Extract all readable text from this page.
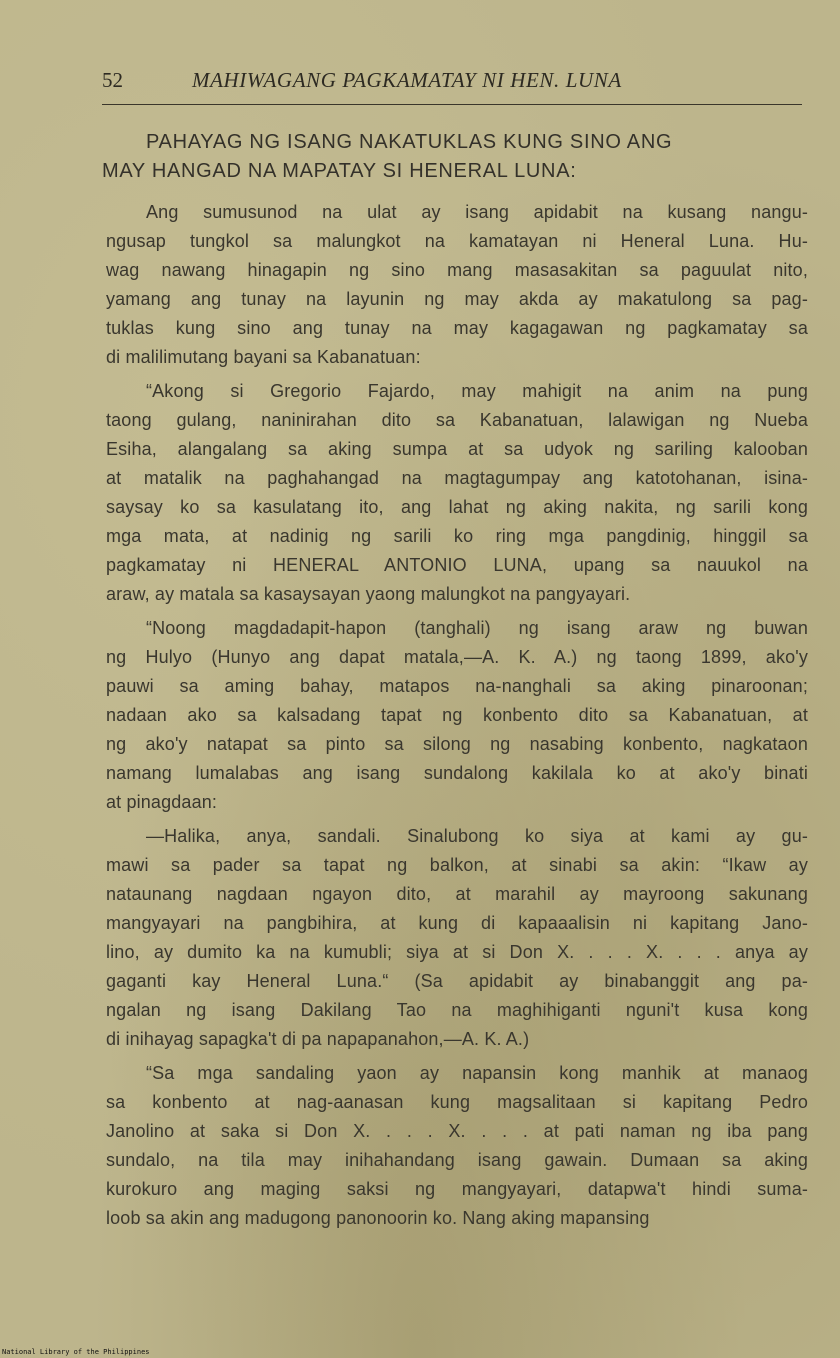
52	MAHIWAGANG PAGKAMATAY NI HEN. LUNA
PAHAYAG NG ISANG NAKATUKLAS KUNG SINO ANG
MAY HANGAD NA MAPATAY SI HENERAL LUNA:

Ang sumusunod na ulat ay isang apidabit na kusang nangu-
ngusap tungkol sa malungkot na kamatayan ni Heneral Luna. Hu-
wag nawang hinagapin ng sino mang masasakitan sa paguulat nito,
yamang ang tunay na layunin ng may akda ay makatulong sa pag-
tuklas kung sino ang tunay na may kagagawan ng pagkamatay sa
di malilimutang bayani sa Kabanatuan:

“Akong si Gregorio Fajardo, may mahigit na anim na pung
taong gulang, naninirahan dito sa Kabanatuan, lalawigan ng Nueba
Esiha, alangalang sa aking sumpa at sa udyok ng sariling kalooban
at matalik na paghahangad na magtagumpay ang katotohanan, isina-
saysay ko sa kasulatang ito, ang lahat ng aking nakita, ng sarili kong
mga mata, at nadinig ng sarili ko ring mga pangdinig, hinggil sa
pagkamatay ni HENERAL ANTONIO LUNA, upang sa nauukol na
araw, ay matala sa kasaysayan yaong malungkot na pangyayari.

“Noong magdadapit-hapon (tanghali) ng isang araw ng buwan
ng Hulyo (Hunyo ang dapat matala,—A. K. A.) ng taong 1899, ako'y
pauwi sa aming bahay, matapos na-nanghali sa aking pinaroonan;
nadaan ako sa kalsadang tapat ng konbento dito sa Kabanatuan, at
ng ako'y natapat sa pinto sa silong ng nasabing konbento, nagkataon
namang lumalabas ang isang sundalong kakilala ko at ako'y binati
at pinagdaan:

—Halika, anya, sandali. Sinalubong ko siya at kami ay gu-
mawi sa pader sa tapat ng balkon, at sinabi sa akin: “Ikaw ay
nataunang nagdaan ngayon dito, at marahil ay mayroong sakunang
mangyayari na pangbihira, at kung di kapaaalisin ni kapitang Jano-
lino, ay dumito ka na kumubli; siya at si Don X. . . . X. . . . anya ay
gaganti kay Heneral Luna.“ (Sa apidabit ay binabanggit ang pa-
ngalan ng isang Dakilang Tao na maghihiganti nguni't kusa kong
di inihayag sapagka't di pa napapanahon,—A. K. A.)

“Sa mga sandaling yaon ay napansin kong manhik at manaog
sa konbento at nag-aanasan kung magsalitaan si kapitang Pedro
Janolino at saka si Don X. . . . X. . . . at pati naman ng iba pang
sundalo, na tila may inihahandang isang gawain. Dumaan sa aking
kurokuro ang maging saksi ng mangyayari, datapwa't hindi suma-
loob sa akin ang madugong panonoorin ko. Nang aking mapansing

National Library of the Philippines
